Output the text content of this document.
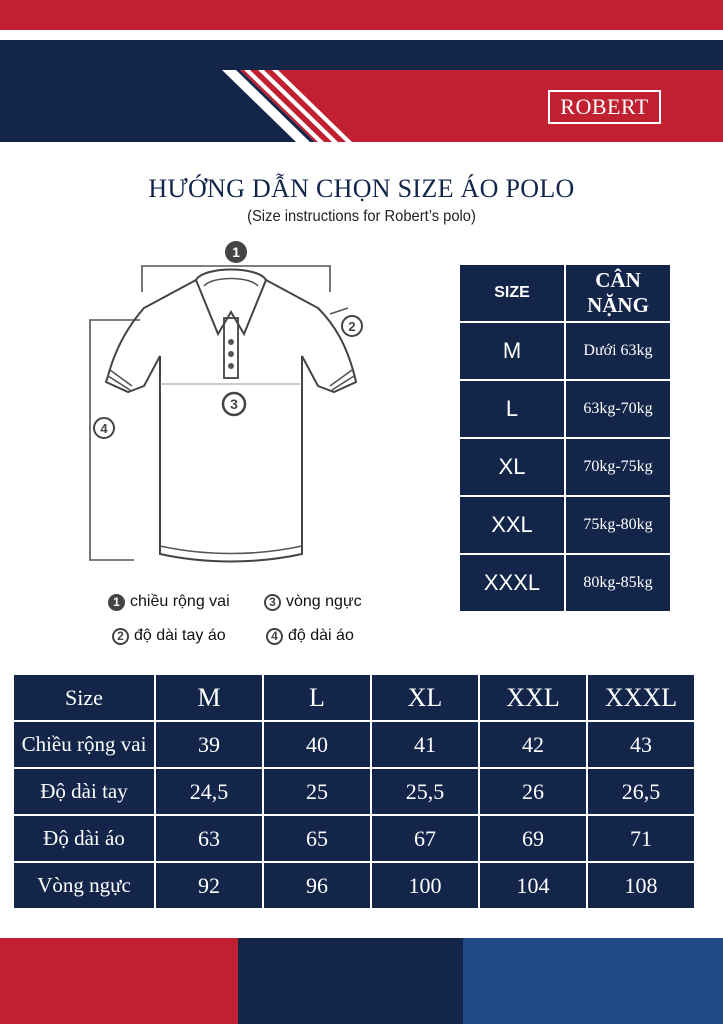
ROBERT
HƯỚNG DẪN CHỌN SIZE ÁO POLO
(Size instructions for Robert’s polo)
1
2
3
4
1 chiều rộng vai	3 vòng ngực
2 độ dài tay áo	4 độ dài áo
SIZE	CÂN NẶNG
M	Dưới 63kg
L	63kg-70kg
XL	70kg-75kg
XXL	75kg-80kg
XXXL	80kg-85kg
Size	M	L	XL	XXL	XXXL
Chiều rộng vai	39	40	41	42	43
Độ dài tay	24,5	25	25,5	26	26,5
Độ dài áo	63	65	67	69	71
Vòng ngực	92	96	100	104	108
